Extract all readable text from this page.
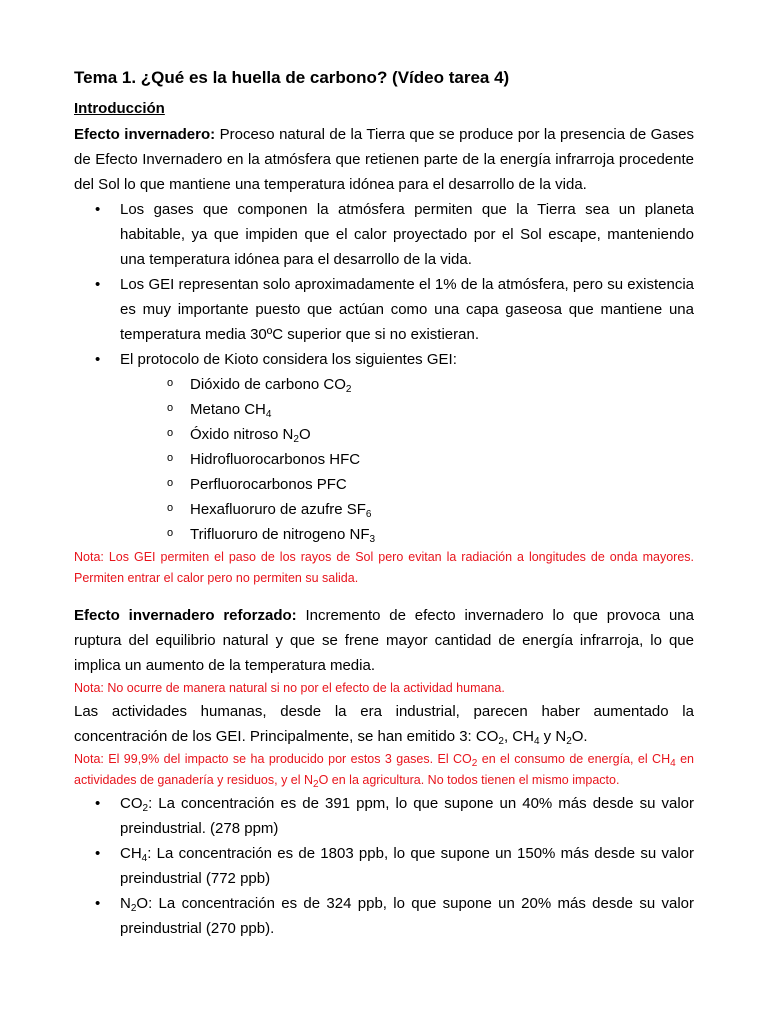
Tema 1. ¿Qué es la huella de carbono? (Vídeo tarea 4)
Introducción

Efecto invernadero: Proceso natural de la Tierra que se produce por la presencia de Gases de Efecto Invernadero en la atmósfera que retienen parte de la energía infrarroja procedente del Sol lo que mantiene una temperatura idónea para el desarrollo de la vida.

• Los gases que componen la atmósfera permiten que la Tierra sea un planeta habitable, ya que impiden que el calor proyectado por el Sol escape, manteniendo una temperatura idónea para el desarrollo de la vida.
• Los GEI representan solo aproximadamente el 1% de la atmósfera, pero su existencia es muy importante puesto que actúan como una capa gaseosa que mantiene una temperatura media 30ºC superior que si no existieran.
• El protocolo de Kioto considera los siguientes GEI:
o Dióxido de carbono $CO_2$
o Metano $CH_4$
o Óxido nitroso $N_2O$
o Hidrofluorocarbonos HFC
o Perfluorocarbonos PFC
o Hexafluoruro de azufre $SF_6$
o Trifluoruro de nitrogeno $NF_3$

Nota: Los GEI permiten el paso de los rayos de Sol pero evitan la radiación a longitudes de onda mayores. Permiten entrar el calor pero no permiten su salida.

Efecto invernadero reforzado: Incremento de efecto invernadero lo que provoca una ruptura del equilibrio natural y que se frene mayor cantidad de energía infrarroja, lo que implica un aumento de la temperatura media.

Nota: No ocurre de manera natural si no por el efecto de la actividad humana.

Las actividades humanas, desde la era industrial, parecen haber aumentado la concentración de los GEI. Principalmente, se han emitido 3: $CO_2$, $CH_4$ y $N_2O$.

Nota: El 99,9% del impacto se ha producido por estos 3 gases. El $CO_2$ en el consumo de energía, el $CH_4$ en actividades de ganadería y residuos, y el $N_2O$ en la agricultura. No todos tienen el mismo impacto.

• $CO_2$: La concentración es de 391 ppm, lo que supone un 40% más desde su valor preindustrial. (278 ppm)
• $CH_4$: La concentración es de 1803 ppb, lo que supone un 150% más desde su valor preindustrial (772 ppb)
• $N_2O$: La concentración es de 324 ppb, lo que supone un 20% más desde su valor preindustrial (270 ppb).
